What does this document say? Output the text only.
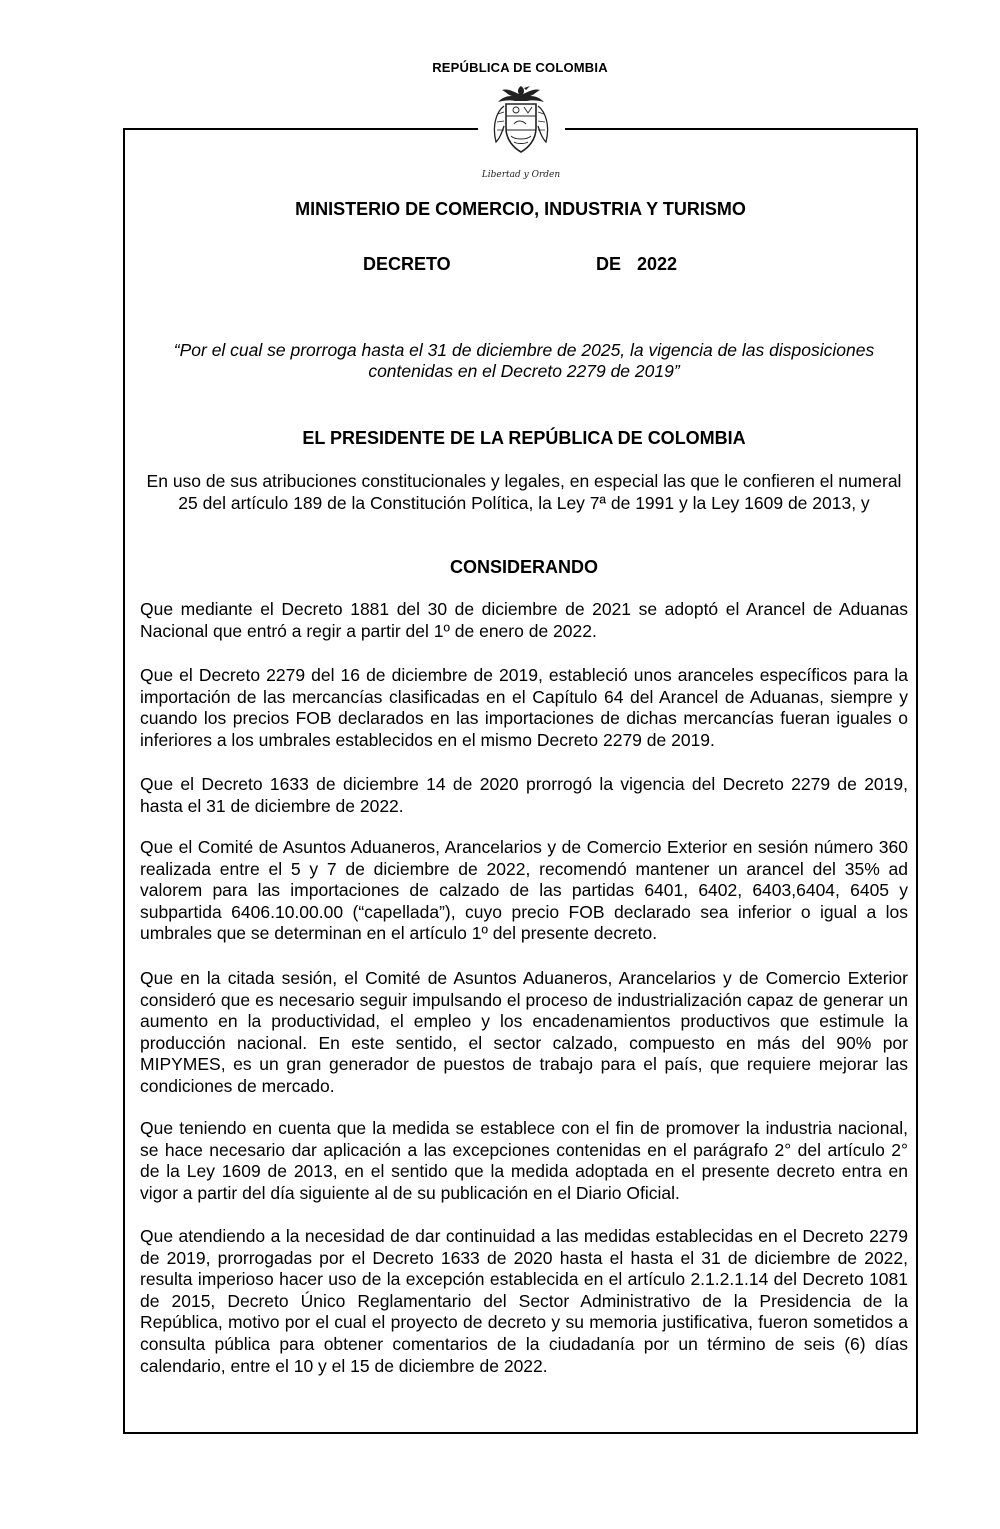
REPÚBLICA DE COLOMBIA
Libertad y Orden
MINISTERIO DE COMERCIO, INDUSTRIA Y TURISMO
DECRETO	DE 2022
“Por el cual se prorroga hasta el 31 de diciembre de 2025, la vigencia de las disposiciones contenidas en el Decreto 2279 de 2019”
EL PRESIDENTE DE LA REPÚBLICA DE COLOMBIA
En uso de sus atribuciones constitucionales y legales, en especial las que le confieren el numeral 25 del artículo 189 de la Constitución Política, la Ley 7ª de 1991 y la Ley 1609 de 2013, y
CONSIDERANDO

Que mediante el Decreto 1881 del 30 de diciembre de 2021 se adoptó el Arancel de Aduanas Nacional que entró a regir a partir del 1º de enero de 2022.

Que el Decreto 2279 del 16 de diciembre de 2019, estableció unos aranceles específicos para la importación de las mercancías clasificadas en el Capítulo 64 del Arancel de Aduanas, siempre y cuando los precios FOB declarados en las importaciones de dichas mercancías fueran iguales o inferiores a los umbrales establecidos en el mismo Decreto 2279 de 2019.

Que el Decreto 1633 de diciembre 14 de 2020 prorrogó la vigencia del Decreto 2279 de 2019, hasta el 31 de diciembre de 2022.

Que el Comité de Asuntos Aduaneros, Arancelarios y de Comercio Exterior en sesión número 360 realizada entre el 5 y 7 de diciembre de 2022, recomendó mantener un arancel del 35% ad valorem para las importaciones de calzado de las partidas 6401, 6402, 6403,6404, 6405 y subpartida 6406.10.00.00 (“capellada”), cuyo precio FOB declarado sea inferior o igual a los umbrales que se determinan en el artículo 1º del presente decreto.

Que en la citada sesión, el Comité de Asuntos Aduaneros, Arancelarios y de Comercio Exterior consideró que es necesario seguir impulsando el proceso de industrialización capaz de generar un aumento en la productividad, el empleo y los encadenamientos productivos que estimule la producción nacional. En este sentido, el sector calzado, compuesto en más del 90% por MIPYMES, es un gran generador de puestos de trabajo para el país, que requiere mejorar las condiciones de mercado.

Que teniendo en cuenta que la medida se establece con el fin de promover la industria nacional, se hace necesario dar aplicación a las excepciones contenidas en el parágrafo 2° del artículo 2° de la Ley 1609 de 2013, en el sentido que la medida adoptada en el presente decreto entra en vigor a partir del día siguiente al de su publicación en el Diario Oficial.

Que atendiendo a la necesidad de dar continuidad a las medidas establecidas en el Decreto 2279 de 2019, prorrogadas por el Decreto 1633 de 2020 hasta el hasta el 31 de diciembre de 2022, resulta imperioso hacer uso de la excepción establecida en el artículo 2.1.2.1.14 del Decreto 1081 de 2015, Decreto Único Reglamentario del Sector Administrativo de la Presidencia de la República, motivo por el cual el proyecto de decreto y su memoria justificativa, fueron sometidos a consulta pública para obtener comentarios de la ciudadanía por un término de seis (6) días calendario, entre el 10 y el 15 de diciembre de 2022.
